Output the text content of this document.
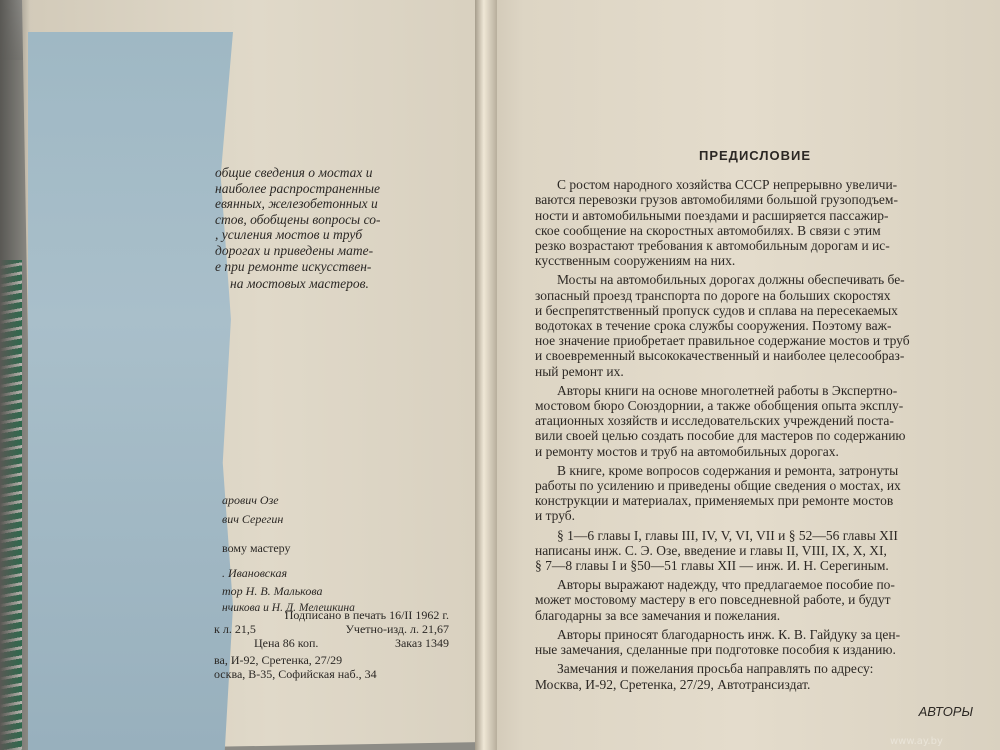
общие сведения о мостах и
наиболее распространенные
евянных, железобетонных и
стов, обобщены вопросы со-
, усиления мостов и труб
дорогах и приведены мате-
е при ремонте искусствен-
на мостовых мастеров.
арович Озе
вич Серегин
вому мастеру
. Ивановская
тор Н. В. Малькова
нчикова и Н. Д. Мелешкина
Подписано в печать 16/II 1962 г.
к л. 21,5	Учетно-изд. л. 21,67
Цена 86 коп.	Заказ 1349
ва, И-92, Сретенка, 27/29
осква, В-35, Софийская наб., 34
ПРЕДИСЛОВИЕ
С ростом народного хозяйства СССР непрерывно увеличи-
ваются перевозки грузов автомобилями большой грузоподъем-
ности и автомобильными поездами и расширяется пассажир-
ское сообщение на скоростных автомобилях. В связи с этим
резко возрастают требования к автомобильным дорогам и ис-
кусственным сооружениям на них.
Мосты на автомобильных дорогах должны обеспечивать бе-
зопасный проезд транспорта по дороге на больших скоростях
и беспрепятственный пропуск судов и сплава на пересекаемых
водотоках в течение срока службы сооружения. Поэтому важ-
ное значение приобретает правильное содержание мостов и труб
и своевременный высококачественный и наиболее целесообраз-
ный ремонт их.
Авторы книги на основе многолетней работы в Экспертно-
мостовом бюро Союздорнии, а также обобщения опыта эксплу-
атационных хозяйств и исследовательских учреждений поста-
вили своей целью создать пособие для мастеров по содержанию
и ремонту мостов и труб на автомобильных дорогах.
В книге, кроме вопросов содержания и ремонта, затронуты
работы по усилению и приведены общие сведения о мостах, их
конструкции и материалах, применяемых при ремонте мостов
и труб.
§ 1—6 главы I, главы III, IV, V, VI, VII и § 52—56 главы XII
написаны инж. С. Э. Озе, введение и главы II, VIII, IX, X, XI,
§ 7—8 главы I и §50—51 главы XII — инж. И. Н. Серегиным.
Авторы выражают надежду, что предлагаемое пособие по-
может мостовому мастеру в его повседневной работе, и будут
благодарны за все замечания и пожелания.
Авторы приносят благодарность инж. К. В. Гайдуку за цен-
ные замечания, сделанные при подготовке пособия к изданию.
Замечания и пожелания просьба направлять по адресу:
Москва, И-92, Сретенка, 27/29, Автотрансиздат.
АВТОРЫ
www.ay.by
